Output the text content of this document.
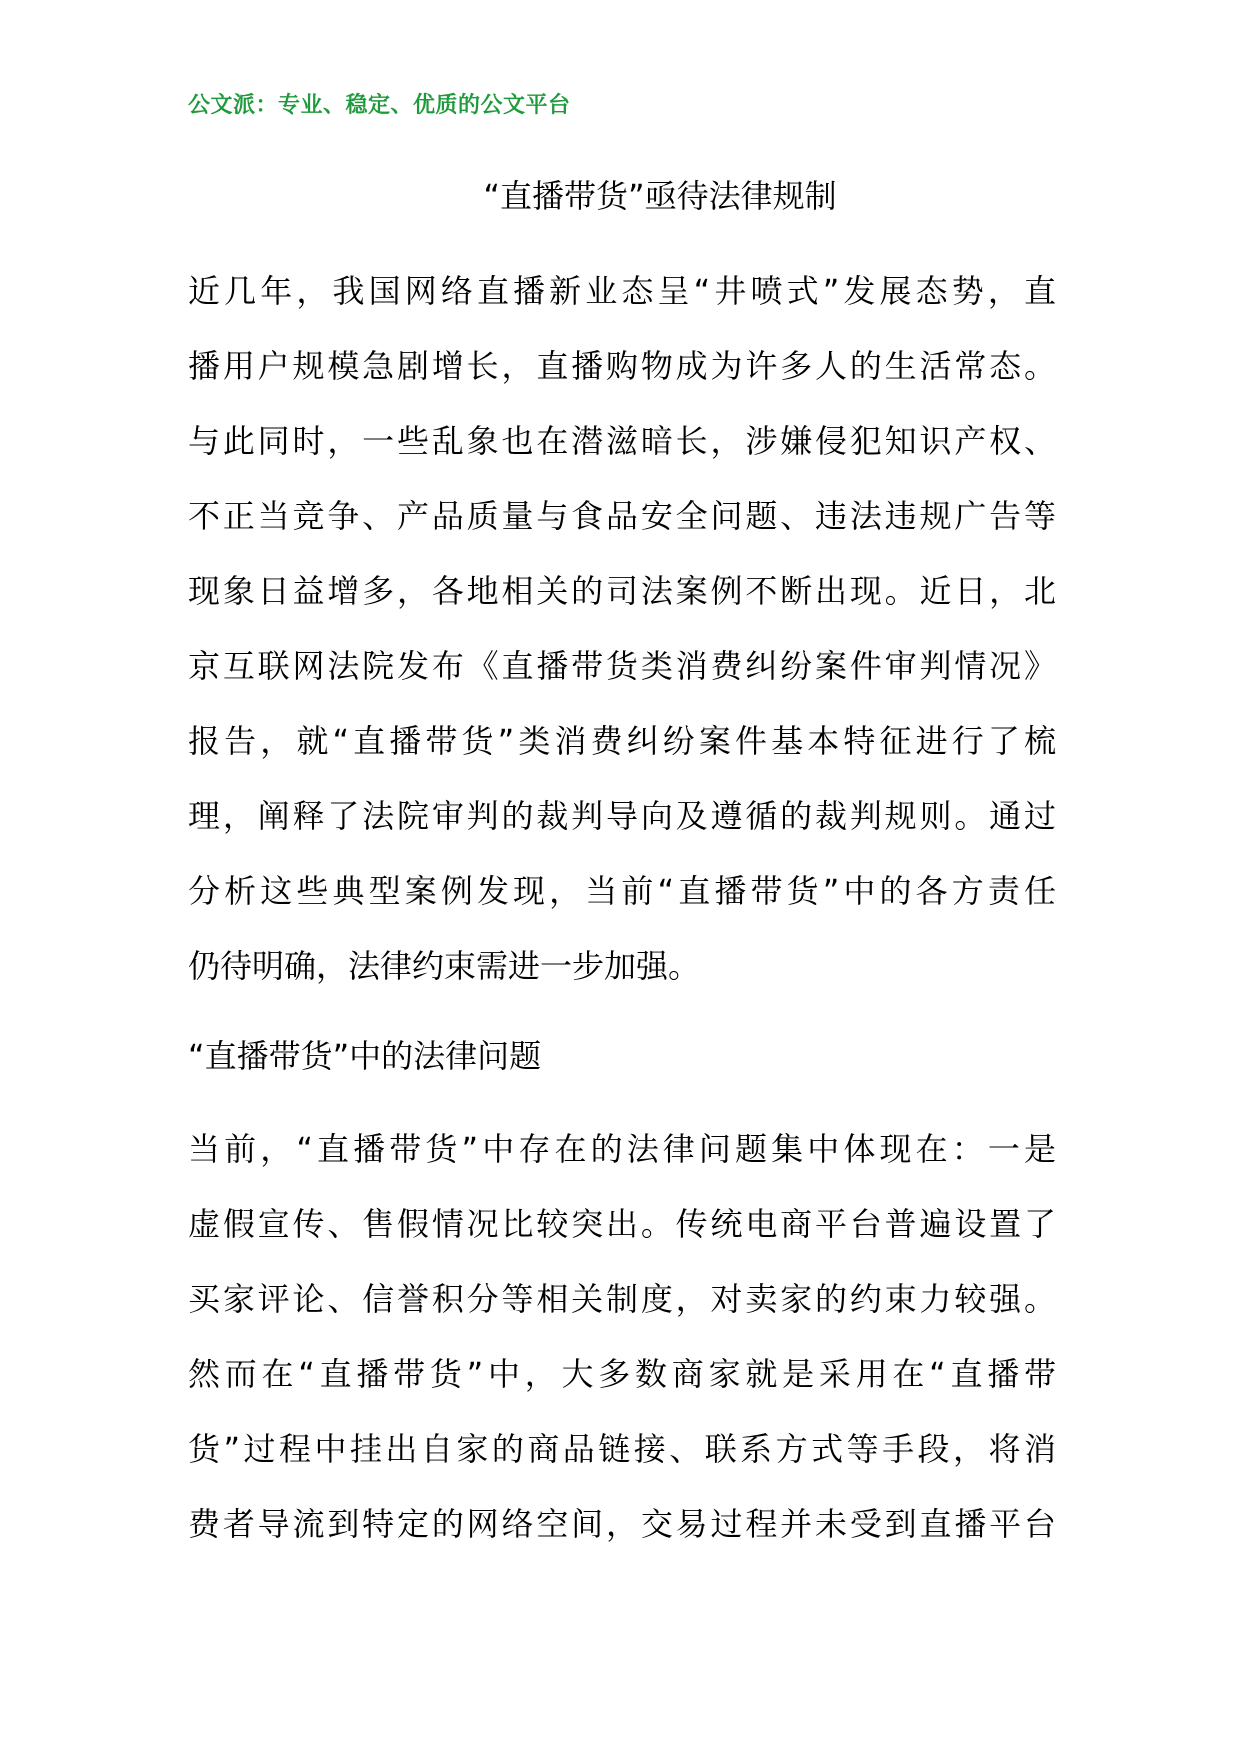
公文派：专业、稳定、优质的公文平台
“直播带货”亟待法律规制
近几年，我国网络直播新业态呈“井喷式”发展态势，直
播用户规模急剧增长，直播购物成为许多人的生活常态。
与此同时，一些乱象也在潜滋暗长，涉嫌侵犯知识产权、
不正当竞争、产品质量与食品安全问题、违法违规广告等
现象日益增多，各地相关的司法案例不断出现。近日，北
京互联网法院发布《直播带货类消费纠纷案件审判情况》
报告，就“直播带货”类消费纠纷案件基本特征进行了梳
理，阐释了法院审判的裁判导向及遵循的裁判规则。通过
分析这些典型案例发现，当前“直播带货”中的各方责任
仍待明确，法律约束需进一步加强。
“直播带货”中的法律问题
当前，“直播带货”中存在的法律问题集中体现在：一是
虚假宣传、售假情况比较突出。传统电商平台普遍设置了
买家评论、信誉积分等相关制度，对卖家的约束力较强。
然而在“直播带货”中，大多数商家就是采用在“直播带
货”过程中挂出自家的商品链接、联系方式等手段，将消
费者导流到特定的网络空间，交易过程并未受到直播平台
